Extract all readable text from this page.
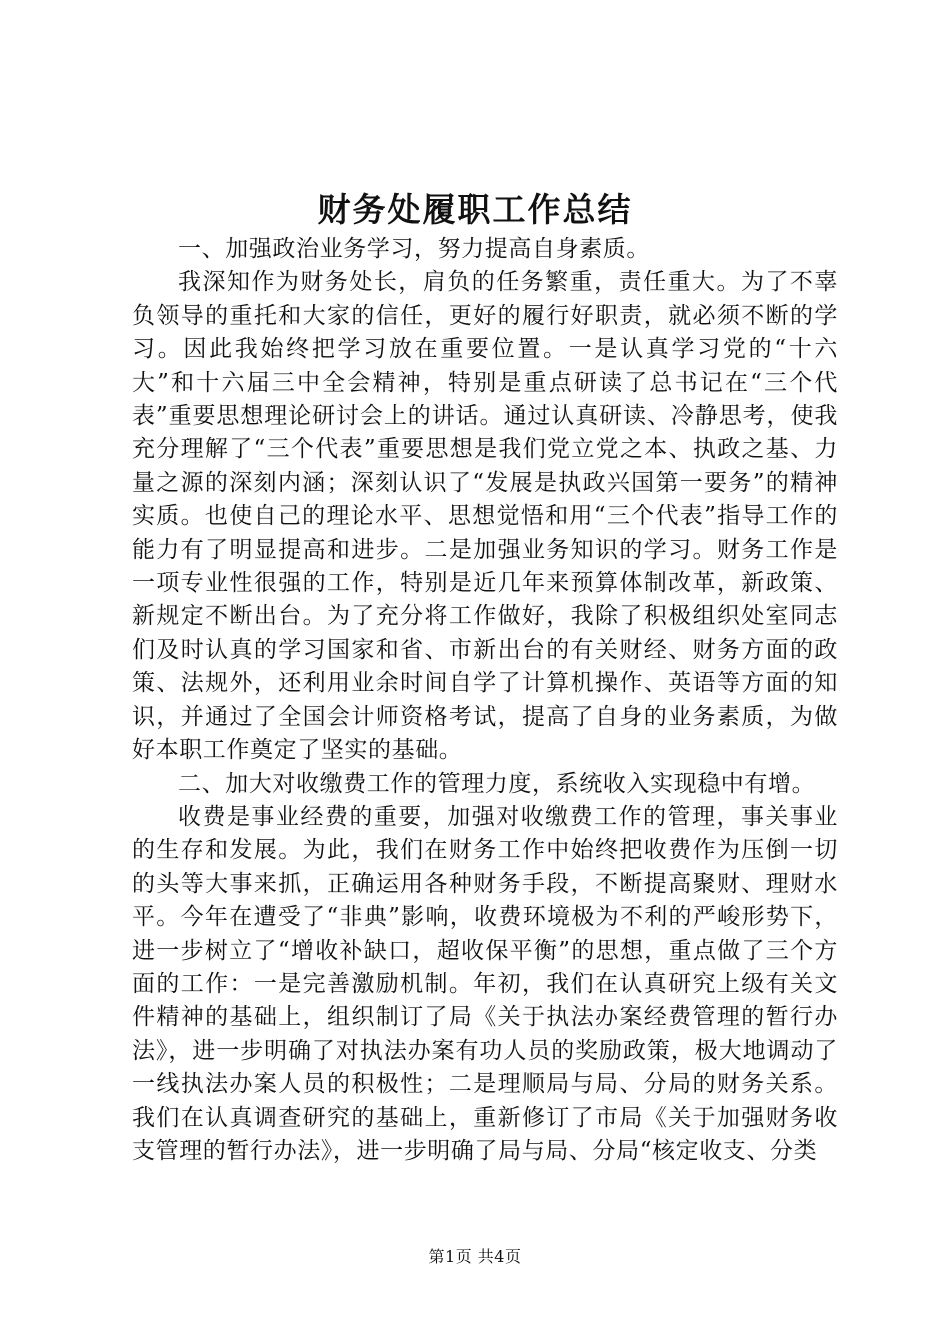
财务处履职工作总结

一、加强政治业务学习，努力提高自身素质。

我深知作为财务处长，肩负的任务繁重，责任重大。为了不辜负领导的重托和大家的信任，更好的履行好职责，就必须不断的学习。因此我始终把学习放在重要位置。一是认真学习党的“十六大”和十六届三中全会精神，特别是重点研读了总书记在“三个代表”重要思想理论研讨会上的讲话。通过认真研读、冷静思考，使我充分理解了“三个代表”重要思想是我们党立党之本、执政之基、力量之源的深刻内涵；深刻认识了“发展是执政兴国第一要务”的精神实质。也使自己的理论水平、思想觉悟和用“三个代表”指导工作的能力有了明显提高和进步。二是加强业务知识的学习。财务工作是一项专业性很强的工作，特别是近几年来预算体制改革，新政策、新规定不断出台。为了充分将工作做好，我除了积极组织处室同志们及时认真的学习国家和省、市新出台的有关财经、财务方面的政策、法规外，还利用业余时间自学了计算机操作、英语等方面的知识，并通过了全国会计师资格考试，提高了自身的业务素质，为做好本职工作奠定了坚实的基础。

二、加大对收缴费工作的管理力度，系统收入实现稳中有增。

收费是事业经费的重要，加强对收缴费工作的管理，事关事业的生存和发展。为此，我们在财务工作中始终把收费作为压倒一切的头等大事来抓，正确运用各种财务手段，不断提高聚财、理财水平。今年在遭受了“非典”影响，收费环境极为不利的严峻形势下，进一步树立了“增收补缺口，超收保平衡”的思想，重点做了三个方面的工作：一是完善激励机制。年初，我们在认真研究上级有关文件精神的基础上，组织制订了局《关于执法办案经费管理的暂行办法》，进一步明确了对执法办案有功人员的奖励政策，极大地调动了一线执法办案人员的积极性；二是理顺局与局、分局的财务关系。我们在认真调查研究的基础上，重新修订了市局《关于加强财务收支管理的暂行办法》，进一步明确了局与局、分局“核定收支、分类

第1页 共4页
